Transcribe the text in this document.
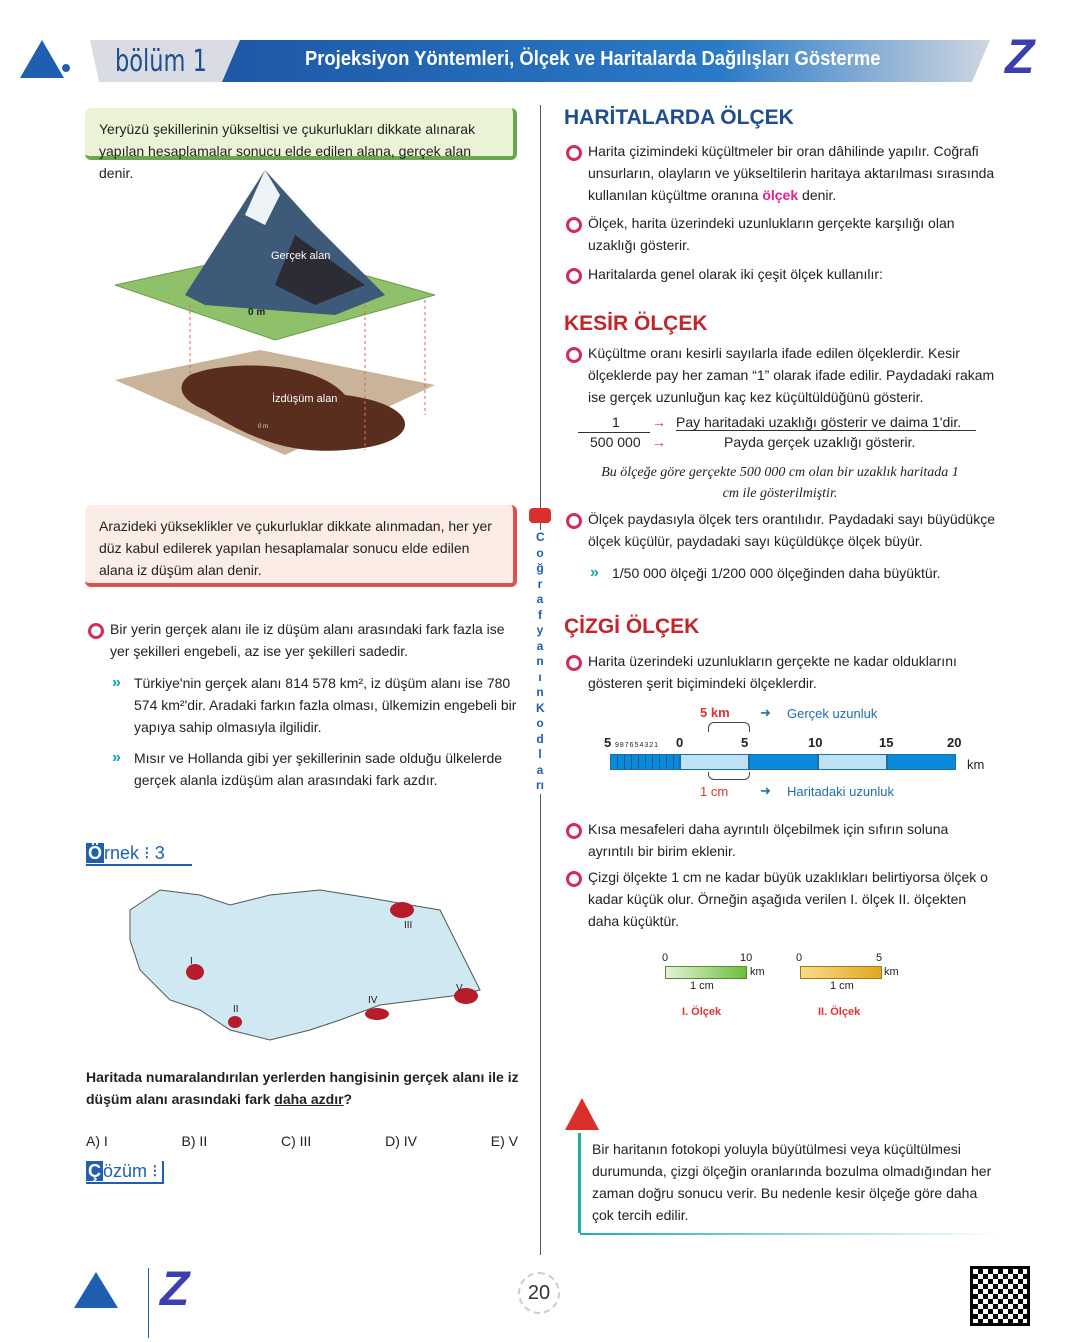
bölüm 1	Projeksiyon Yöntemleri, Ölçek ve Haritalarda Dağılışları Gösterme	Z
Yeryüzü şekillerinin yükseltisi ve çukurlukları dikkate alınarak yapılan hesaplamalar sonucu elde edilen alana, gerçek alan denir.
Gerçek alan
0 m
İzdüşüm alan
0 m
Arazideki yükseklikler ve çukurluklar dikkate alınmadan, her yer düz kabul edilerek yapılan hesaplamalar sonucu elde edilen alana iz düşüm alan denir.
Bir yerin gerçek alanı ile iz düşüm alanı arasındaki fark fazla ise yer şekilleri engebeli, az ise yer şekilleri sadedir.
» Türkiye'nin gerçek alanı 814 578 km², iz düşüm alanı ise 780 574 km²'dir. Aradaki farkın fazla olması, ülkemizin engebeli bir yapıya sahip olmasıyla ilgilidir.
» Mısır ve Hollanda gibi yer şekillerinin sade olduğu ülkelerde gerçek alanla izdüşüm alan arasındaki fark azdır.
Ö rnek ⁝ 3
I
II
III
IV
V
Haritada numaralandırılan yerlerden hangisinin gerçek alanı ile iz düşüm alanı arasındaki fark daha azdır?
A) I	B) II	C) III	D) IV	E) V
Ç özüm ⁝
Coğrafyanın Kodları
HARİTALARDA ÖLÇEK
Harita çizimindeki küçültmeler bir oran dâhilinde yapılır. Coğrafi unsurların, olayların ve yükseltilerin haritaya aktarılması sırasında kullanılan küçültme oranına ölçek denir.
Ölçek, harita üzerindeki uzunlukların gerçekte karşılığı olan uzaklığı gösterir.
Haritalarda genel olarak iki çeşit ölçek kullanılır:
KESİR ÖLÇEK
Küçültme oranı kesirli sayılarla ifade edilen ölçeklerdir. Kesir ölçeklerde pay her zaman “1” olarak ifade edilir. Paydadaki rakam ise gerçek uzunluğun kaç kez küçültüldüğünü gösterir.
1
500 000
→
→
Pay haritadaki uzaklığı gösterir ve daima 1'dir.
Payda gerçek uzaklığı gösterir.
Bu ölçeğe göre gerçekte 500 000 cm olan bir uzaklık haritada 1 cm ile gösterilmiştir.
Ölçek paydasıyla ölçek ters orantılıdır. Paydadaki sayı büyüdükçe ölçek küçülür, paydadaki sayı küçüldükçe ölçek büyür.
» 1/50 000 ölçeği 1/200 000 ölçeğinden daha büyüktür.
ÇİZGİ ÖLÇEK
Harita üzerindeki uzunlukların gerçekte ne kadar olduklarını gösteren şerit biçimindeki ölçeklerdir.
5 km ➜ Gerçek uzunluk
5 987654321 0	5	10	15	20
km
1 cm ➜ Haritadaki uzunluk
Kısa mesafeleri daha ayrıntılı ölçebilmek için sıfırın soluna ayrıntılı bir birim eklenir.
Çizgi ölçekte 1 cm ne kadar büyük uzaklıkları belirtiyorsa ölçek o kadar küçük olur. Örneğin aşağıda verilen I. ölçek II. ölçekten daha küçüktür.
0	10
km
1 cm
I. Ölçek
0	5
km
1 cm
II. Ölçek
Bir haritanın fotokopi yoluyla büyütülmesi veya küçültülmesi durumunda, çizgi ölçeğin oranlarında bozulma olmadığından her zaman doğru sonucu verir. Bu nedenle kesir ölçeğe göre daha çok tercih edilir.
Z	20
